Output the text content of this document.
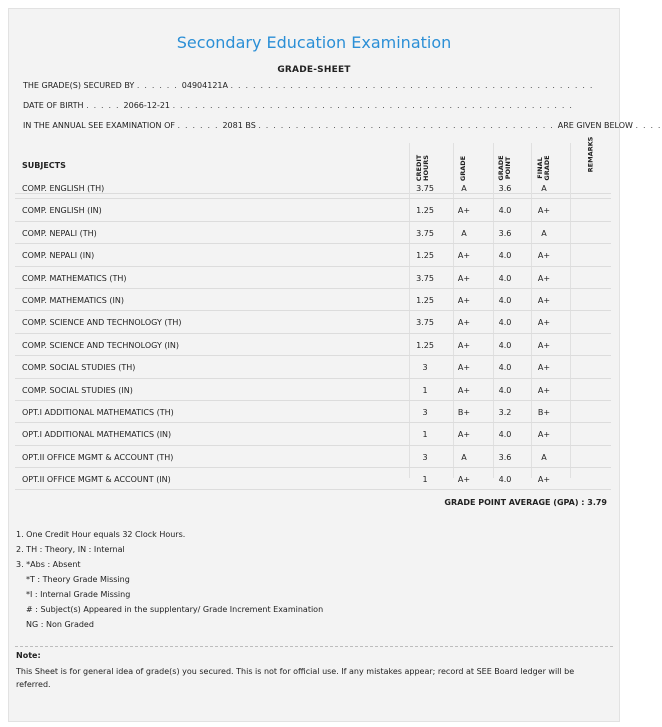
Secondary Education Examination
GRADE-SHEET
THE GRADE(S) SECURED BY . . . . . . 04904121A . . . . . . . . . . . . . . . . . . . . . . . . . . . . . . . . . . . . . . . . . . . . . . . . .
DATE OF BIRTH . . . . . 2066-12-21 . . . . . . . . . . . . . . . . . . . . . . . . . . . . . . . . . . . . . . . . . . . . . . . . . . . . . .
IN THE ANNUAL SEE EXAMINATION OF . . . . . . 2081 BS . . . . . . . . . . . . . . . . . . . . . . . . . . . . . . . . . . . . . . . . ARE GIVEN BELOW . . . .
SUBJECTS	CREDIT HOURS	GRADE	GRADE POINT	FINAL GRADE	REMARKS
COMP. ENGLISH (TH)	3.75	A	3.6	A
COMP. ENGLISH (IN)	1.25	A+	4.0	A+
COMP. NEPALI (TH)	3.75	A	3.6	A
COMP. NEPALI (IN)	1.25	A+	4.0	A+
COMP. MATHEMATICS (TH)	3.75	A+	4.0	A+
COMP. MATHEMATICS (IN)	1.25	A+	4.0	A+
COMP. SCIENCE AND TECHNOLOGY (TH)	3.75	A+	4.0	A+
COMP. SCIENCE AND TECHNOLOGY (IN)	1.25	A+	4.0	A+
COMP. SOCIAL STUDIES (TH)	3	A+	4.0	A+
COMP. SOCIAL STUDIES (IN)	1	A+	4.0	A+
OPT.I ADDITIONAL MATHEMATICS (TH)	3	B+	3.2	B+
OPT.I ADDITIONAL MATHEMATICS (IN)	1	A+	4.0	A+
OPT.II OFFICE MGMT & ACCOUNT (TH)	3	A	3.6	A
OPT.II OFFICE MGMT & ACCOUNT (IN)	1	A+	4.0	A+
GRADE POINT AVERAGE (GPA) : 3.79
1. One Credit Hour equals 32 Clock Hours.
2. TH : Theory, IN : Internal
3. *Abs : Absent
*T : Theory Grade Missing
*I : Internal Grade Missing
# : Subject(s) Appeared in the supplentary/ Grade Increment Examination
NG : Non Graded
Note:
This Sheet is for general idea of grade(s) you secured. This is not for official use. If any mistakes appear; record at SEE Board ledger will be referred.
